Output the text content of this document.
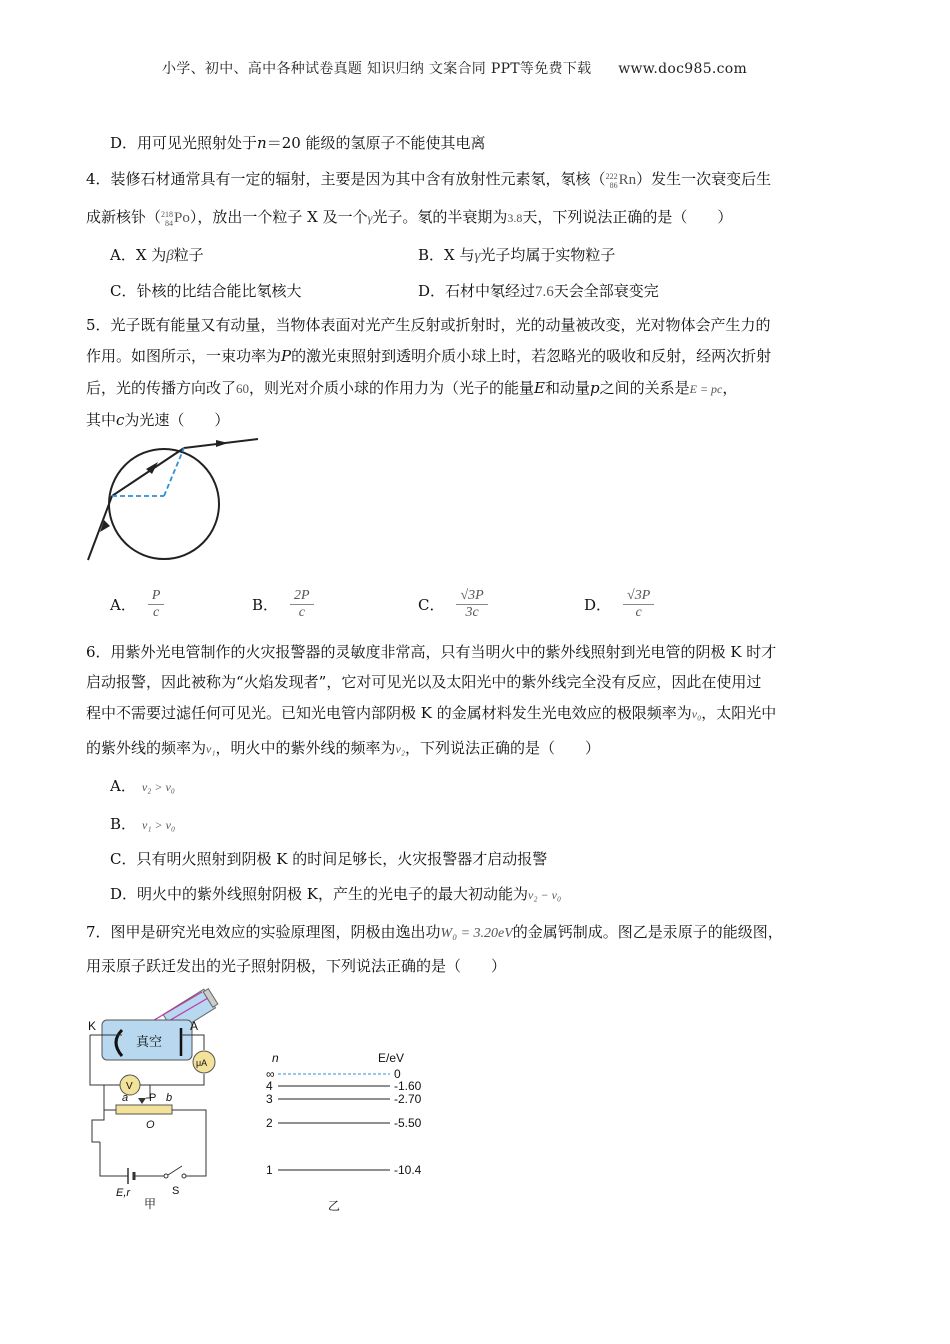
小学、初中、高中各种试卷真题 知识归纳 文案合同 PPT等免费下载 www.doc985.com
D．用可见光照射处于n＝20 能级的氢原子不能使其电离
4．装修石材通常具有一定的辐射，主要是因为其中含有放射性元素氡，氡核（222
86Rn）发生一次衰变后生
成新核钋（218
84Po），放出一个粒子 X 及一个γ光子。氡的半衰期为3.8天，下列说法正确的是（　　）
A．X 为β粒子	B．X 与γ光子均属于实物粒子
C．钋核的比结合能比氡核大	D．石材中氡经过7.6天会全部衰变完
5．光子既有能量又有动量，当物体表面对光产生反射或折射时，光的动量被改变，光对物体会产生力的
作用。如图所示，一束功率为P的激光束照射到透明介质小球上时，若忽略光的吸收和反射，经两次折射
后，光的传播方向改了60，则光对介质小球的作用力为（光子的能量E和动量p之间的关系是E = pc，
其中c为光速（　　）
A． $\frac{P}{c}$	B． $\frac{2P}{c}$	C． $\frac{√3P}{3c}$	D． $\frac{√3P}{c}$
6．用紫外光电管制作的火灾报警器的灵敏度非常高，只有当明火中的紫外线照射到光电管的阴极 K 时才
启动报警，因此被称为“火焰发现者”，它对可见光以及太阳光中的紫外线完全没有反应，因此在使用过
程中不需要过滤任何可见光。已知光电管内部阴极 K 的金属材料发生光电效应的极限频率为ν₀，太阳光中
的紫外线的频率为ν₁，明火中的紫外线的频率为ν₂，下列说法正确的是（　　）
A． ν₂ > ν₀
B． ν₁ > ν₀
C．只有明火照射到阴极 K 的时间足够长，火灾报警器才启动报警
D．明火中的紫外线照射阴极 K，产生的光电子的最大初动能为ν₂ − ν₀
7．图甲是研究光电效应的实验原理图，阴极由逸出功W₀ = 3.20eV的金属钙制成。图乙是汞原子的能级图，
用汞原子跃迁发出的光子照射阴极，下列说法正确的是（　　）
K	A
真空
μA
V
P
a	b
O
E,r	S
甲
n	E/eV
∞	0
4	-1.60
3	-2.70
2	-5.50
1	-10.4
乙
